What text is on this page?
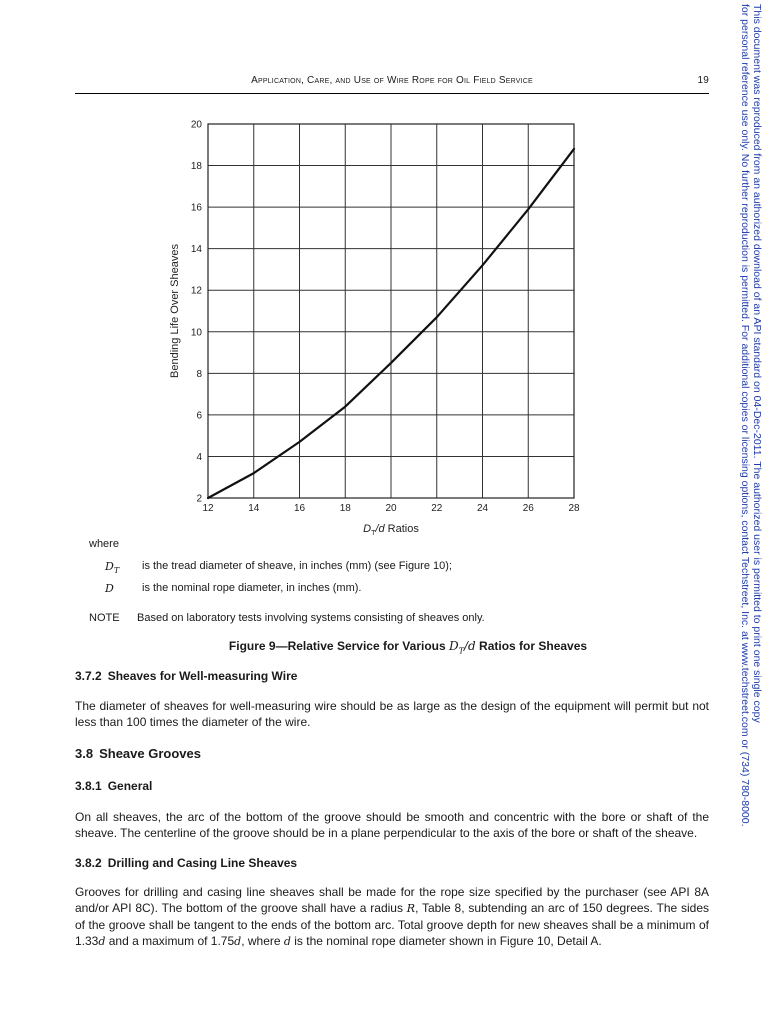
Application, Care, and Use of Wire Rope for Oil Field Service	19
12	14	16	18	20	22	24	26	28
2
4
6
8
10
12
14
16
18
20
Bending Life Over Sheaves
$D_T/d$ Ratios
where
$D_T$ is the tread diameter of sheave, in inches (mm) (see Figure 10);
D	is the nominal rope diameter, in inches (mm).
NOTE Based on laboratory tests involving systems consisting of sheaves only.
Figure 9—Relative Service for Various $D_T/d$ Ratios for Sheaves
3.7.2 Sheaves for Well-measuring Wire
The diameter of sheaves for well-measuring wire should be as large as the design of the equipment will permit but not less than 100 times the diameter of the wire.
3.8 Sheave Grooves
3.8.1 General
On all sheaves, the arc of the bottom of the groove should be smooth and concentric with the bore or shaft of the sheave. The centerline of the groove should be in a plane perpendicular to the axis of the bore or shaft of the sheave.
3.8.2 Drilling and Casing Line Sheaves
Grooves for drilling and casing line sheaves shall be made for the rope size specified by the purchaser (see API 8A and/or API 8C). The bottom of the groove shall have a radius R, Table 8, subtending an arc of 150 degrees. The sides of the groove shall be tangent to the ends of the bottom arc. Total groove depth for new sheaves shall be a minimum of 1.33d and a maximum of 1.75d, where d is the nominal rope diameter shown in Figure 10, Detail A.
This document was reproduced from an authorized download of an API standard on 04-Dec-2011. The authorized user is permitted to print one single copy
for personal reference use only. No further reproduction is permitted. For additional copies or licensing options, contact Techstreet, Inc. at www.techstreet.com or (734) 780-8000.
